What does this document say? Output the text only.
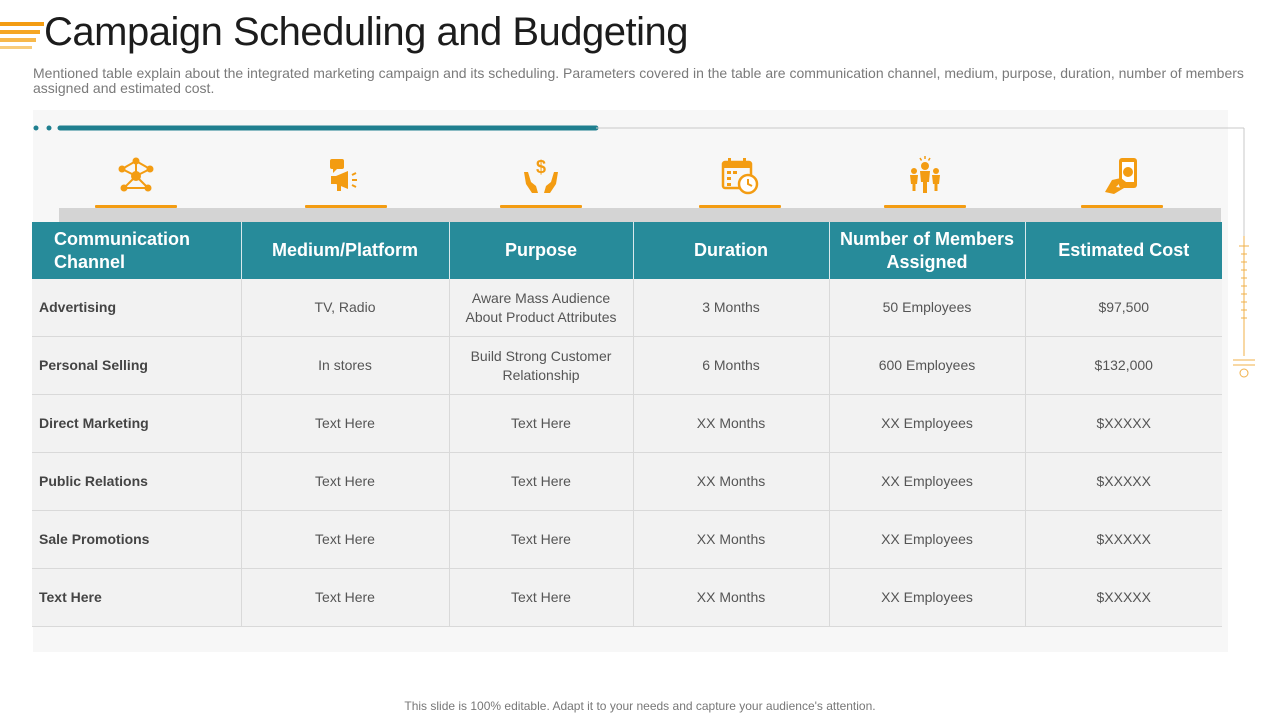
Campaign Scheduling and Budgeting

Mentioned table explain about the integrated marketing campaign and its scheduling. Parameters covered in the table are communication channel, medium, purpose, duration, number of members assigned and estimated cost.

$
Communication Channel	Medium/Platform	Purpose	Duration	Number of Members Assigned	Estimated Cost
Advertising	TV, Radio	Aware Mass Audience About Product Attributes	3 Months	50 Employees	$97,500
Personal Selling	In stores	Build Strong Customer Relationship	6 Months	600 Employees	$132,000
Direct Marketing	Text Here	Text Here	XX Months	XX Employees	$XXXXX
Public Relations	Text Here	Text Here	XX Months	XX Employees	$XXXXX
Sale Promotions	Text Here	Text Here	XX Months	XX Employees	$XXXXX
Text Here	Text Here	Text Here	XX Months	XX Employees	$XXXXX
This slide is 100% editable. Adapt it to your needs and capture your audience's attention.
